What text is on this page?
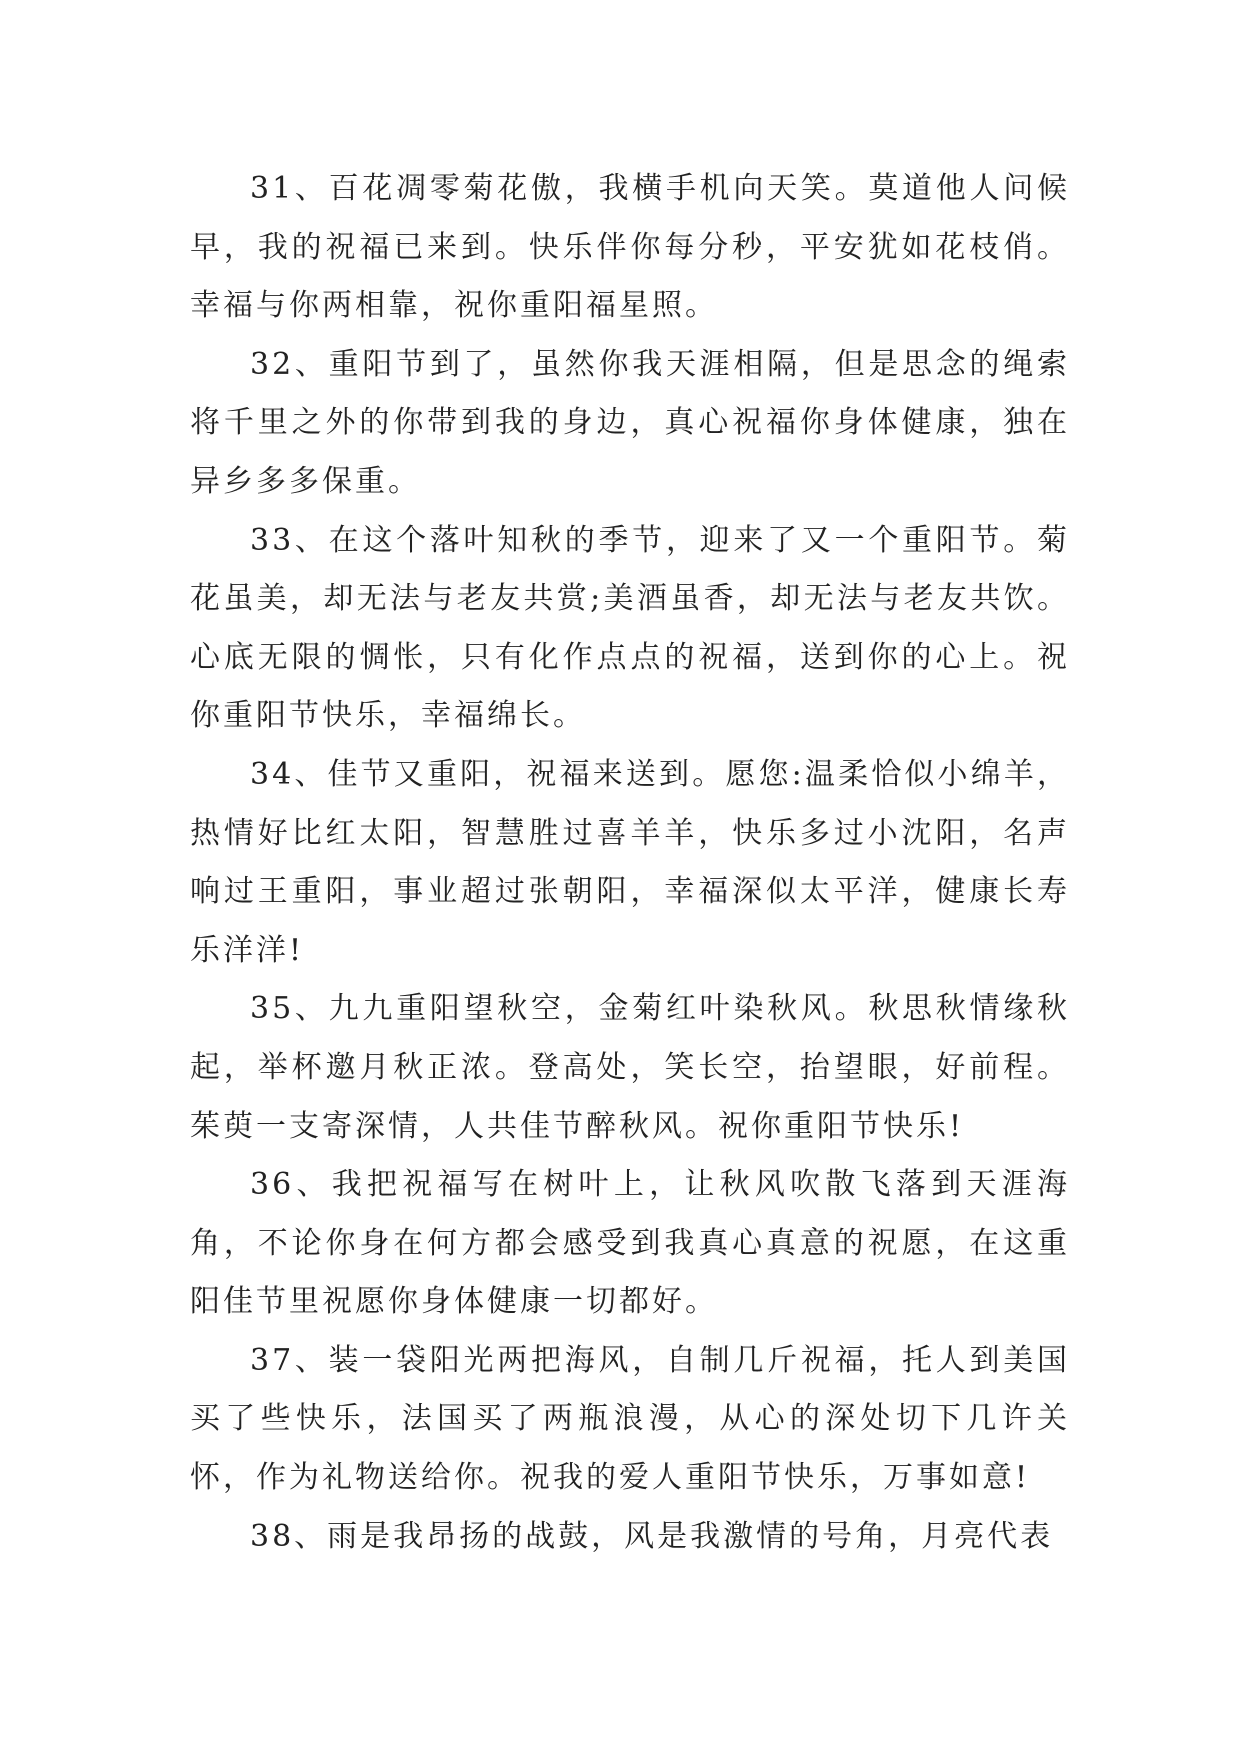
31、百花凋零菊花傲，我横手机向天笑。莫道他人问候早，我的祝福已来到。快乐伴你每分秒，平安犹如花枝俏。幸福与你两相靠，祝你重阳福星照。

32、重阳节到了，虽然你我天涯相隔，但是思念的绳索将千里之外的你带到我的身边，真心祝福你身体健康，独在异乡多多保重。

33、在这个落叶知秋的季节，迎来了又一个重阳节。菊花虽美，却无法与老友共赏;美酒虽香，却无法与老友共饮。心底无限的惆怅，只有化作点点的祝福，送到你的心上。祝你重阳节快乐，幸福绵长。

34、佳节又重阳，祝福来送到。愿您:温柔恰似小绵羊，热情好比红太阳，智慧胜过喜羊羊，快乐多过小沈阳，名声响过王重阳，事业超过张朝阳，幸福深似太平洋，健康长寿乐洋洋!

35、九九重阳望秋空，金菊红叶染秋风。秋思秋情缘秋起，举杯邀月秋正浓。登高处，笑长空，抬望眼，好前程。茱萸一支寄深情，人共佳节醉秋风。祝你重阳节快乐!

36、我把祝福写在树叶上，让秋风吹散飞落到天涯海角，不论你身在何方都会感受到我真心真意的祝愿，在这重阳佳节里祝愿你身体健康一切都好。

37、装一袋阳光两把海风，自制几斤祝福，托人到美国买了些快乐，法国买了两瓶浪漫，从心的深处切下几许关怀，作为礼物送给你。祝我的爱人重阳节快乐，万事如意!

38、雨是我昂扬的战鼓，风是我激情的号角，月亮代表
